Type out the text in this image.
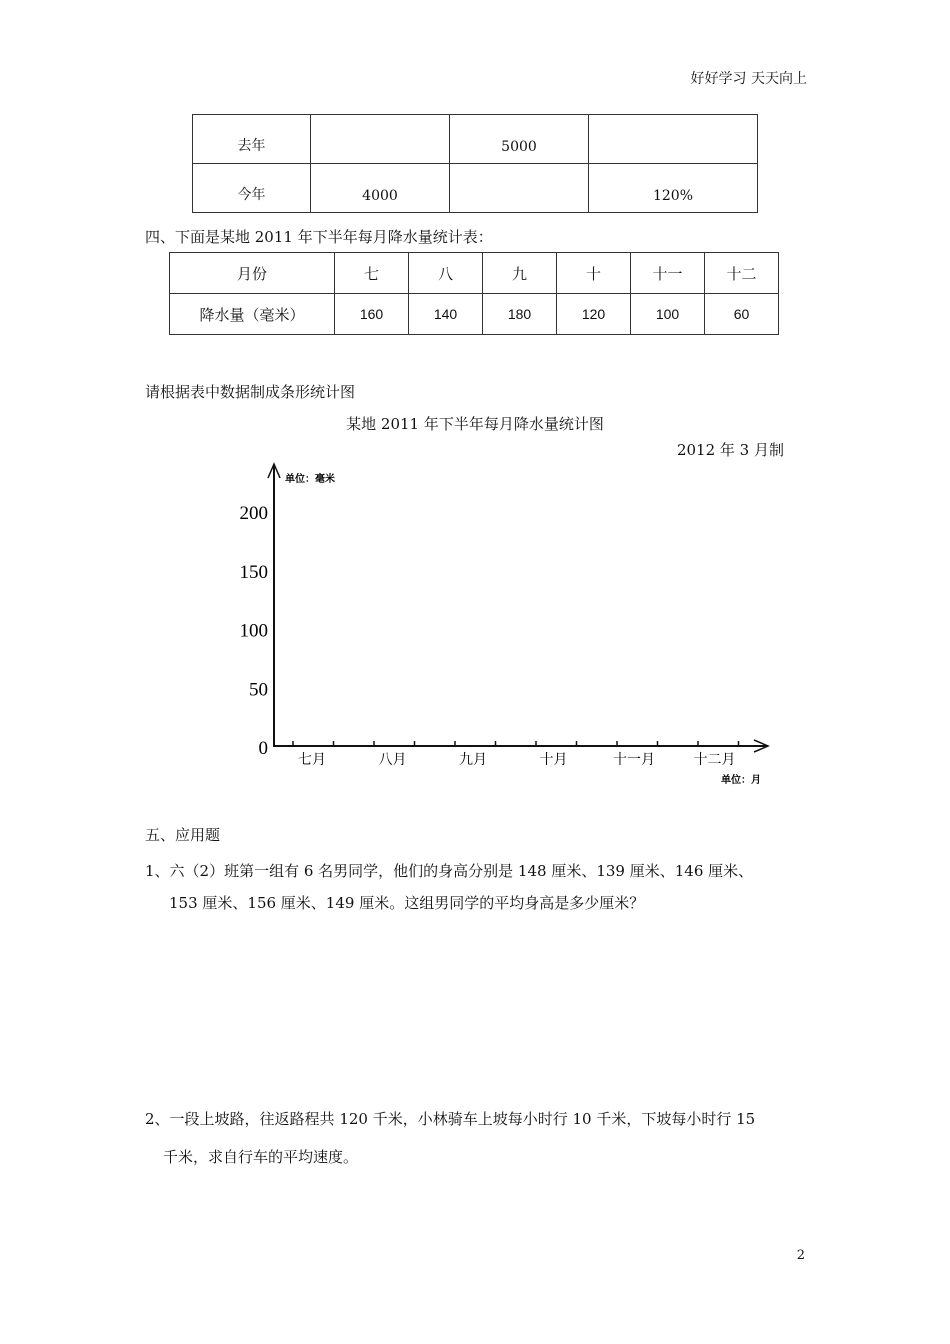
好好学习 天天向上
去年		5000	
今年	4000		120%
四、下面是某地 2011 年下半年每月降水量统计表：
月份	七	八	九	十	十一	十二
降水量（毫米）	160	140	180	120	100	60
请根据表中数据制成条形统计图
某地 2011 年下半年每月降水量统计图
2012 年 3 月制
单位：毫米
单位：月
0
50
100
150
200
七月	八月	九月	十月	十一月	十二月
五、应用题
1、六（2）班第一组有 6 名男同学，他们的身高分别是 148 厘米、139 厘米、146 厘米、
153 厘米、156 厘米、149 厘米。这组男同学的平均身高是多少厘米？
2、一段上坡路，往返路程共 120 千米，小林骑车上坡每小时行 10 千米，下坡每小时行 15
千米，求自行车的平均速度。
2
